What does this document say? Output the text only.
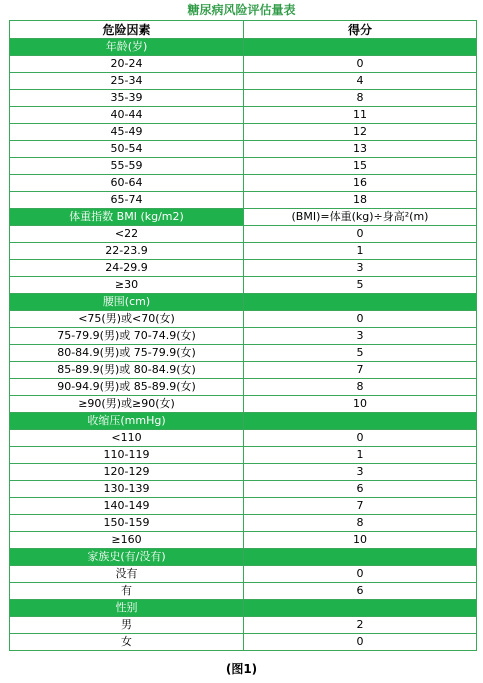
糖尿病风险评估量表
危险因素	得分
年龄(岁)	
20-24	0
25-34	4
35-39	8
40-44	11
45-49	12
50-54	13
55-59	15
60-64	16
65-74	18
体重指数 BMI (kg/m2)	(BMI)=体重(kg)÷身高²(m)
<22	0
22-23.9	1
24-29.9	3
≥30	5
腰围(cm)	
<75(男)或<70(女)	0
75-79.9(男)或 70-74.9(女)	3
80-84.9(男)或 75-79.9(女)	5
85-89.9(男)或 80-84.9(女)	7
90-94.9(男)或 85-89.9(女)	8
≥90(男)或≥90(女)	10
收缩压(mmHg)	
<110	0
110-119	1
120-129	3
130-139	6
140-149	7
150-159	8
≥160	10
家族史(有/没有)	
没有	0
有	6
性别	
男	2
女	0
(图1)
